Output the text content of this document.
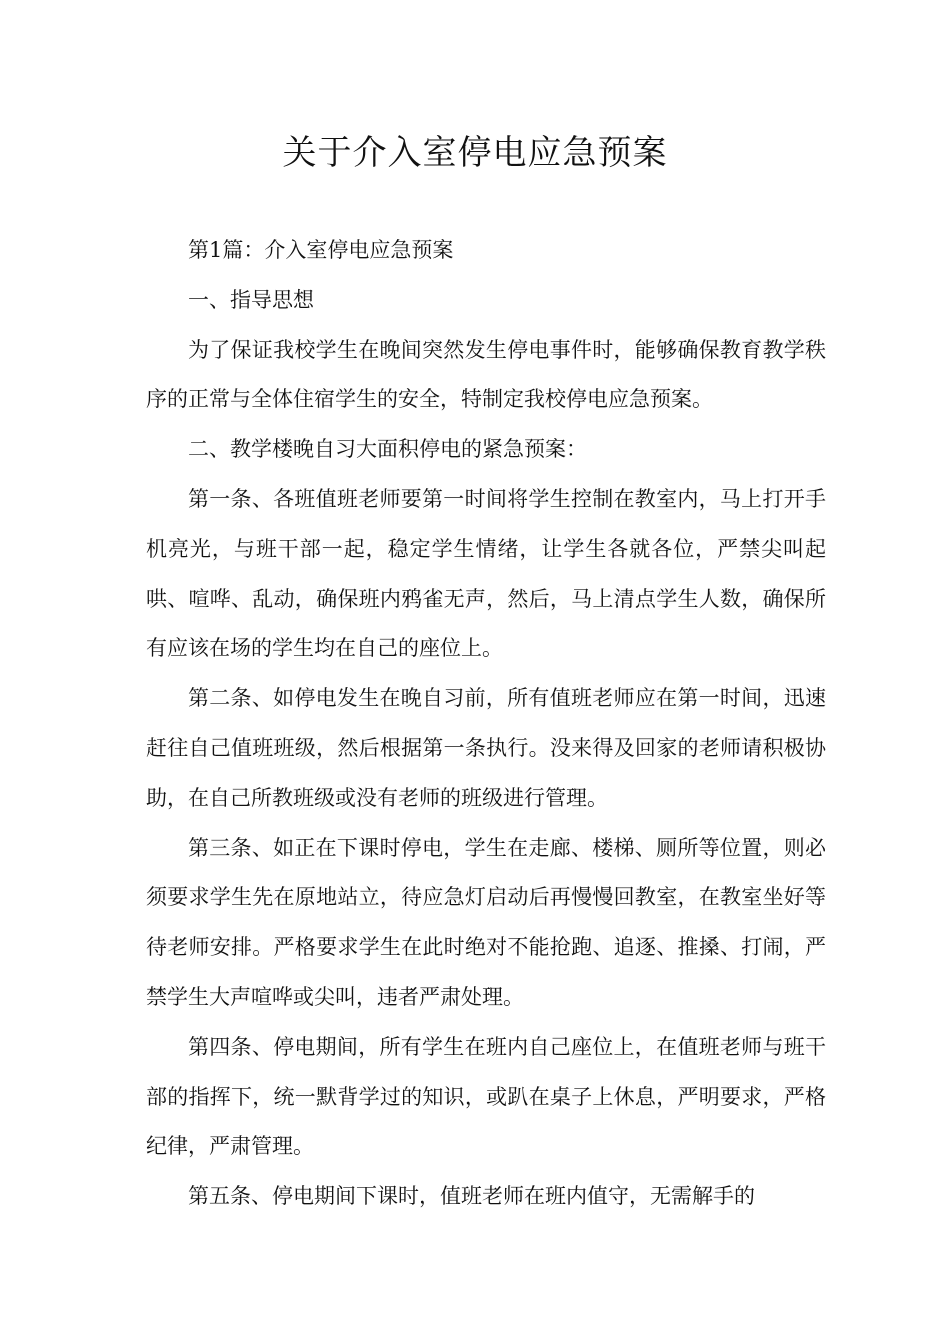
关于介入室停电应急预案

第1篇：介入室停电应急预案

一、指导思想

为了保证我校学生在晚间突然发生停电事件时，能够确保教育教学秩序的正常与全体住宿学生的安全，特制定我校停电应急预案。

二、教学楼晚自习大面积停电的紧急预案：

第一条、各班值班老师要第一时间将学生控制在教室内，马上打开手机亮光，与班干部一起，稳定学生情绪，让学生各就各位，严禁尖叫起哄、喧哗、乱动，确保班内鸦雀无声，然后，马上清点学生人数，确保所有应该在场的学生均在自己的座位上。

第二条、如停电发生在晚自习前，所有值班老师应在第一时间，迅速赶往自己值班班级，然后根据第一条执行。没来得及回家的老师请积极协助，在自己所教班级或没有老师的班级进行管理。

第三条、如正在下课时停电，学生在走廊、楼梯、厕所等位置，则必须要求学生先在原地站立，待应急灯启动后再慢慢回教室，在教室坐好等待老师安排。严格要求学生在此时绝对不能抢跑、追逐、推搡、打闹，严禁学生大声喧哗或尖叫，违者严肃处理。

第四条、停电期间，所有学生在班内自己座位上，在值班老师与班干部的指挥下，统一默背学过的知识，或趴在桌子上休息，严明要求，严格纪律，严肃管理。

第五条、停电期间下课时，值班老师在班内值守，无需解手的
